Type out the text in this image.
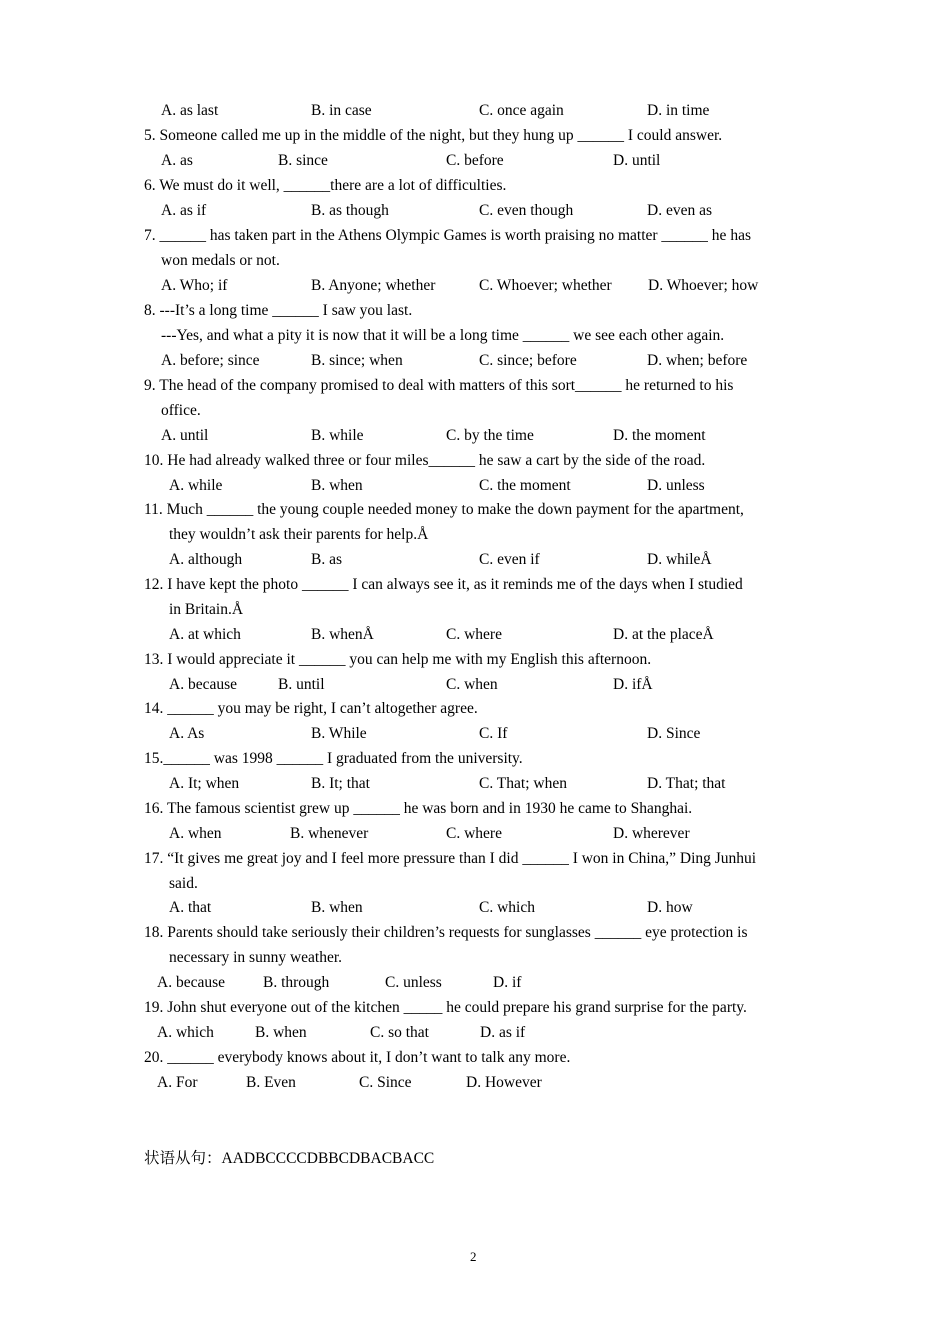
A. as last	B. in case	C. once again	D. in time
5. Someone called me up in the middle of the night, but they hung up ______ I could answer.
A. as	B. since	C. before	D. until
6. We must do it well, ______there are a lot of difficulties.
A. as if	B. as though	C. even though	D. even as
7. ______ has taken part in the Athens Olympic Games is worth praising no matter ______ he has
won medals or not.
A. Who; if	B. Anyone; whether	C. Whoever; whether D. Whoever; how
8. ---It’s a long time ______ I saw you last.
---Yes, and what a pity it is now that it will be a long time ______ we see each other again.
A. before; since	B. since; when	C. since; before	D. when; before
9. The head of the company promised to deal with matters of this sort______ he returned to his
office.
A. until	B. while	C. by the time	D. the moment
10. He had already walked three or four miles______ he saw a cart by the side of the road.
A. while	B. when	C. the moment	D. unless
11. Much ______ the young couple needed money to make the down payment for the apartment,
they wouldn’t ask their parents for help.Å
A. although	B. as	C. even if	D. whileÅ
12. I have kept the photo ______ I can always see it, as it reminds me of the days when I studied
in Britain.Å
A. at which	B. whenÅ	C. where	D. at the placeÅ
13. I would appreciate it ______ you can help me with my English this afternoon.
A. because	B. until	C. when	D. ifÅ
14. ______ you may be right, I can’t altogether agree.
A. As	B. While	C. If	D. Since
15.______ was 1998 ______ I graduated from the university.
A. It; when	B. It; that	C. That; when	D. That; that
16. The famous scientist grew up ______ he was born and in 1930 he came to Shanghai.
A. when	B. whenever	C. where	D. wherever
17. “It gives me great joy and I feel more pressure than I did ______ I won in China,” Ding Junhui
said.
A. that	B. when	C. which	D. how
18. Parents should take seriously their children’s requests for sunglasses ______ eye protection is
necessary in sunny weather.
A. because B. through	C. unless	D. if
19. John shut everyone out of the kitchen _____ he could prepare his grand surprise for the party.
A. which	B. when	C. so that	D. as if
20. ______ everybody knows about it, I don’t want to talk any more.
A. For	B. Even	C. Since	D. However
状语从句：AADBCCCCDBBCDBACBACC
2
